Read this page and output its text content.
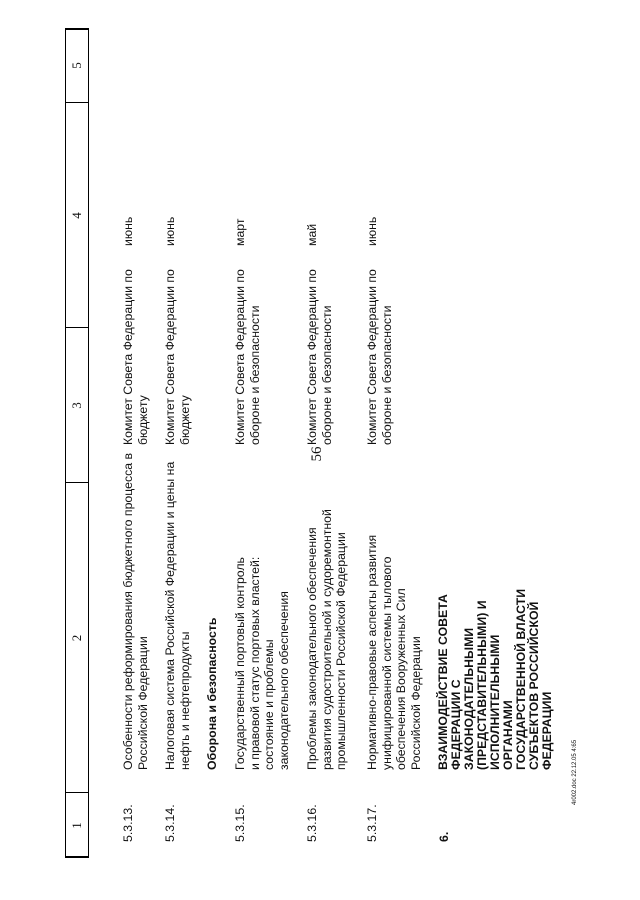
56
4r002.doc 22.12.05 4:65
1
2
3
4
5
5.3.13.
Особенности реформирования бюджетного процесса в Российской Федерации
Комитет Совета Федерации по бюджету
июнь
5.3.14.
Налоговая система Российской Федерации и цены на нефть и нефтепродукты
Комитет Совета Федерации по бюджету
июнь
Оборона и безопасность
5.3.15.
Государственный портовый контроль и правовой статус портовых властей: состояние и проблемы законодательного обеспечения
Комитет Совета Федерации по обороне и безопасности
март
5.3.16.
Проблемы законодательного обеспечения развития судостроительной и судоремонтной промышленности Российской Федерации
Комитет Совета Федерации по обороне и безопасности
май
5.3.17.
Нормативно-правовые аспекты развития унифицированной системы тылового обеспечения Вооруженных Сил Российской Федерации
Комитет Совета Федерации по обороне и безопасности
июнь
6.
ВЗАИМОДЕЙСТВИЕ СОВЕТА ФЕДЕРАЦИИ С ЗАКОНОДАТЕЛЬНЫМИ (ПРЕДСТАВИТЕЛЬНЫМИ) И ИСПОЛНИТЕЛЬНЫМИ ОРГАНАМИ ГОСУДАРСТВЕННОЙ ВЛАСТИ СУБЪЕКТОВ РОССИЙСКОЙ ФЕДЕРАЦИИ
